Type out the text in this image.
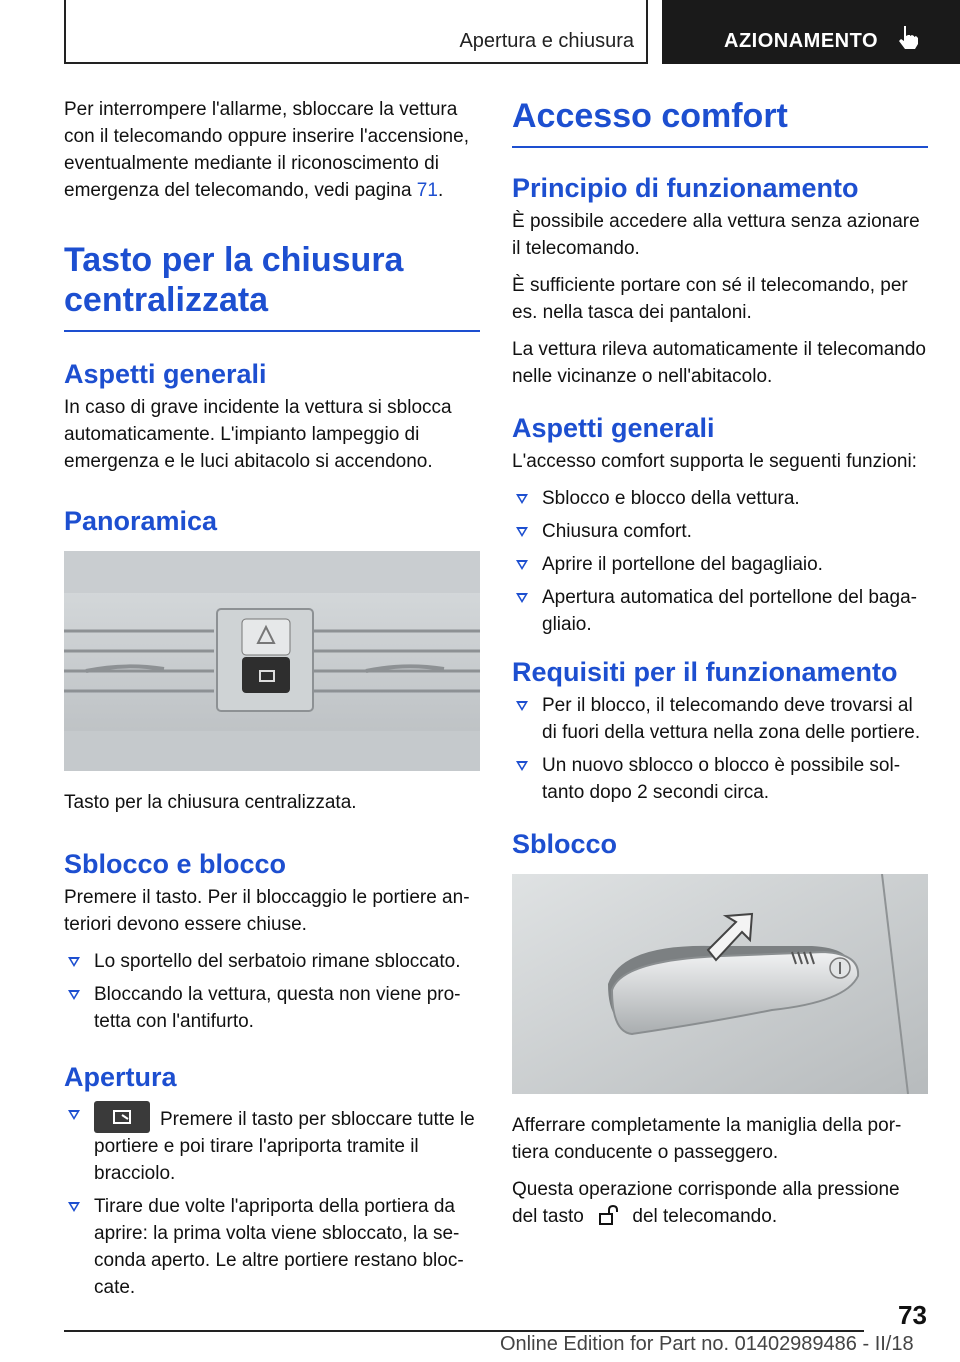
Apertura e chiusura	AZIONAMENTO

Per interrompere l'allarme, sbloccare la vettura con il telecomando oppure inserire l'accensione, eventualmente mediante il riconoscimento di emergenza del telecomando, vedi pagina 71.

Tasto per la chiusura
centralizzata
Aspetti generali

In caso di grave incidente la vettura si sblocca automaticamente. L'impianto lampeggio di emergenza e le luci abitacolo si accendono.

Panoramica

Tasto per la chiusura centralizzata.

Sblocco e blocco

Premere il tasto. Per il bloccaggio le portiere an-teriori devono essere chiuse.

Lo sportello del serbatoio rimane sbloccato.
Bloccando la vettura, questa non viene pro-tetta con l'antifurto.
Apertura
Premere il tasto per sbloccare tutte le portiere e poi tirare l'apriporta tramite il bracciolo.
Tirare due volte l'apriporta della portiera da aprire: la prima volta viene sbloccato, la se-conda aperto. Le altre portiere restano bloc-cate.
Accesso comfort
Principio di funzionamento

È possibile accedere alla vettura senza azionare il telecomando.

È sufficiente portare con sé il telecomando, per es. nella tasca dei pantaloni.

La vettura rileva automaticamente il telecomando nelle vicinanze o nell'abitacolo.

Aspetti generali

L'accesso comfort supporta le seguenti funzioni:

Sblocco e blocco della vettura.
Chiusura comfort.
Aprire il portellone del bagagliaio.
Apertura automatica del portellone del baga-gliaio.
Requisiti per il funzionamento
Per il blocco, il telecomando deve trovarsi al di fuori della vettura nella zona delle portiere.
Un nuovo sblocco o blocco è possibile sol-tanto dopo 2 secondi circa.
Sblocco

Afferrare completamente la maniglia della por-tiera conducente o passeggero.

Questa operazione corrisponde alla pressione del tasto	del telecomando.

73
Online Edition for Part no. 01402989486 - II/18
